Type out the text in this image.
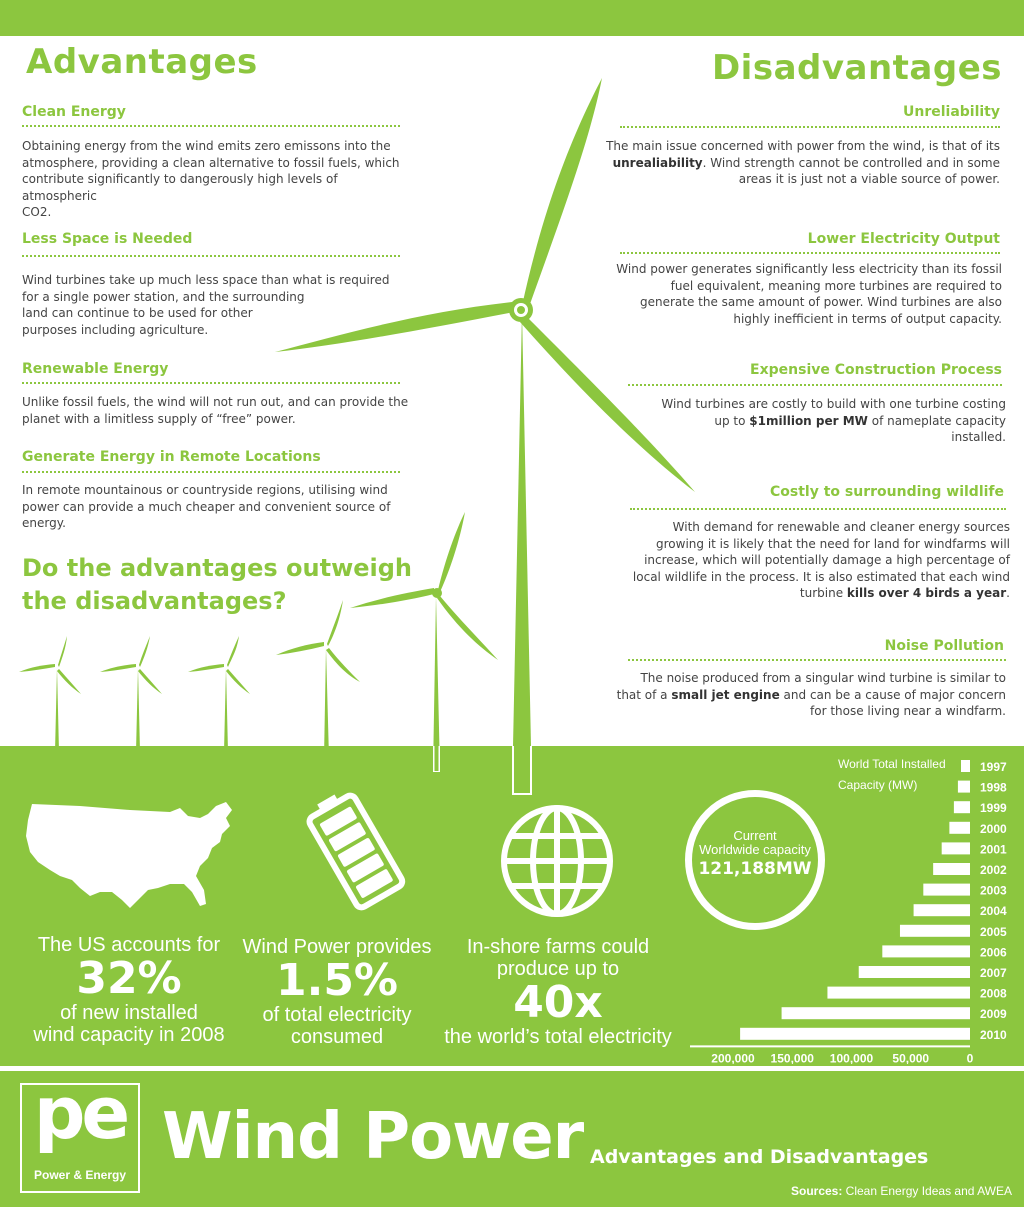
Advantages	Disadvantages
Clean Energy
Obtaining energy from the wind emits zero emissons into the
atmosphere, providing a clean alternative to fossil fuels, which
contribute significantly to dangerously high levels of atmospheric
CO2.
Less Space is Needed
Wind turbines take up much less space than what is required
for a single power station, and the surrounding
land can continue to be used for other
purposes including agriculture.
Renewable Energy
Unlike fossil fuels, the wind will not run out, and can provide the
planet with a limitless supply of “free” power.
Generate Energy in Remote Locations
In remote mountainous or countryside regions, utilising wind
power can provide a much cheaper and convenient source of
energy.
Do the advantages outweigh the disadvantages?
Unreliability
The main issue concerned with power from the wind, is that of its
unrealiability. Wind strength cannot be controlled and in some
areas it is just not a viable source of power.
Lower Electricity Output
Wind power generates significantly less electricity than its fossil
fuel equivalent, meaning more turbines are required to
generate the same amount of power. Wind turbines are also
highly inefficient in terms of output capacity.
Expensive Construction Process
Wind turbines are costly to build with one turbine costing
up to $1million per MW of nameplate capacity
installed.
Costly to surrounding wildlife
With demand for renewable and cleaner energy sources
growing it is likely that the need for land for windfarms will
increase, which will potentially damage a high percentage of
local wildlife in the process. It is also estimated that each wind
turbine kills over 4 birds a year.
Noise Pollution
The noise produced from a singular wind turbine is similar to
that of a small jet engine and can be a cause of major concern
for those living near a windfarm.
The US accounts for
32%
of new installed
wind capacity in 2008
Wind Power provides
1.5%
of total electricity
consumed
In-shore farms could
produce up to
40x
the world’s total electricity
Current
Worldwide capacity
121,188MW
World Total Installed Capacity (MW)
1997
1998
1999
2000
2001
2002
2003
2004
2005
2006
2007
2008
2009
2010
200,000 150,000 100,000 50,000	0
pe
Power & Energy
Wind Power Advantages and Disadvantages
Sources: Clean Energy Ideas and AWEA
